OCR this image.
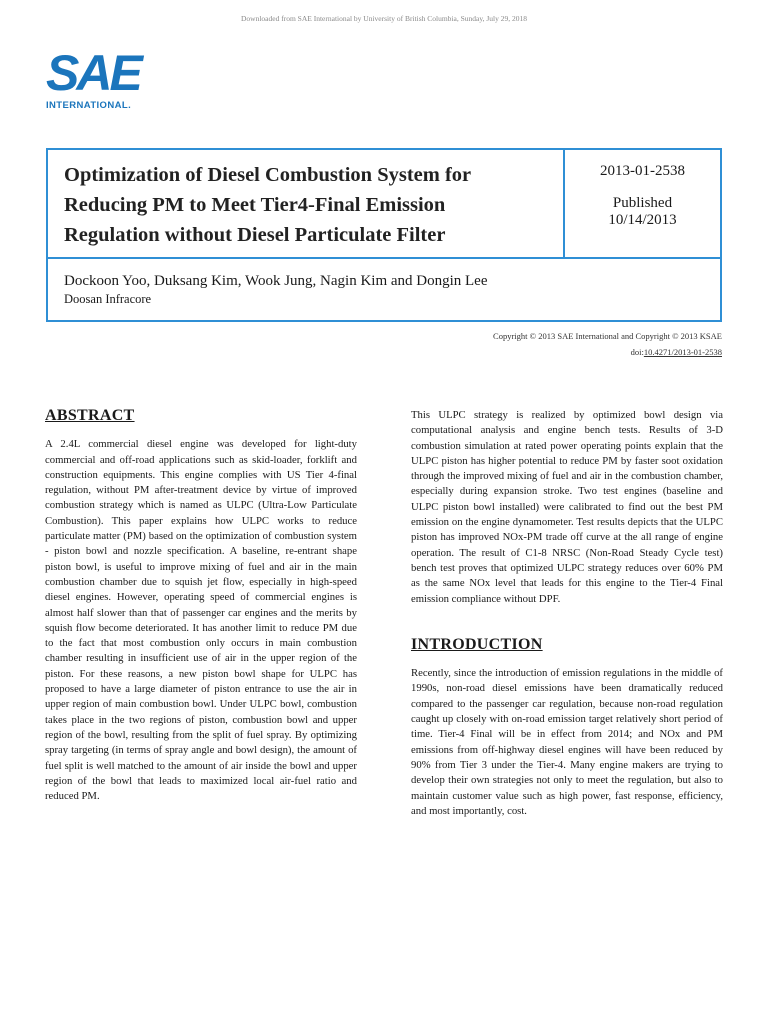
Downloaded from SAE International by University of British Columbia, Sunday, July 29, 2018
SAE
INTERNATIONAL.
Optimization of Diesel Combustion System for
Reducing PM to Meet Tier4-Final Emission
Regulation without Diesel Particulate Filter
2013-01-2538
Published
10/14/2013
Dockoon Yoo, Duksang Kim, Wook Jung, Nagin Kim and Dongin Lee
Doosan Infracore
Copyright © 2013 SAE International and Copyright © 2013 KSAE
doi:10.4271/2013-01-2538
ABSTRACT

A 2.4L commercial diesel engine was developed for light-duty commercial and off-road applications such as skid-loader, forklift and construction equipments. This engine complies with US Tier 4-final regulation, without PM after-treatment device by virtue of improved combustion strategy which is named as ULPC (Ultra-Low Particulate Combustion). This paper explains how ULPC works to reduce particulate matter (PM) based on the optimization of combustion system - piston bowl and nozzle specification. A baseline, re-entrant shape piston bowl, is useful to improve mixing of fuel and air in the main combustion chamber due to squish jet flow, especially in high-speed diesel engines. However, operating speed of commercial engines is almost half slower than that of passenger car engines and the merits by squish flow become deteriorated. It has another limit to reduce PM due to the fact that most combustion only occurs in main combustion chamber resulting in insufficient use of air in the upper region of the piston. For these reasons, a new piston bowl shape for ULPC has proposed to have a large diameter of piston entrance to use the air in upper region of main combustion bowl. Under ULPC bowl, combustion takes place in the two regions of piston, combustion bowl and upper region of the bowl, resulting from the split of fuel spray. By optimizing spray targeting (in terms of spray angle and bowl design), the amount of fuel split is well matched to the amount of air inside the bowl and upper region of the bowl that leads to maximized local air-fuel ratio and reduced PM.

This ULPC strategy is realized by optimized bowl design via computational analysis and engine bench tests. Results of 3-D combustion simulation at rated power operating points explain that the ULPC piston has higher potential to reduce PM by faster soot oxidation through the improved mixing of fuel and air in the combustion chamber, especially during expansion stroke. Two test engines (baseline and ULPC piston bowl installed) were calibrated to find out the best PM emission on the engine dynamometer. Test results depicts that the ULPC piston has improved NOx-PM trade off curve at the all range of engine operation. The result of C1-8 NRSC (Non-Road Steady Cycle test) bench test proves that optimized ULPC strategy reduces over 60% PM as the same NOx level that leads for this engine to the Tier-4 Final emission compliance without DPF.

INTRODUCTION

Recently, since the introduction of emission regulations in the middle of 1990s, non-road diesel emissions have been dramatically reduced compared to the passenger car regulation, because non-road regulation caught up closely with on-road emission target relatively short period of time. Tier-4 Final will be in effect from 2014; and NOx and PM emissions from off-highway diesel engines will have been reduced by 90% from Tier 3 under the Tier-4. Many engine makers are trying to develop their own strategies not only to meet the regulation, but also to maintain customer value such as high power, fast response, efficiency, and most importantly, cost.
